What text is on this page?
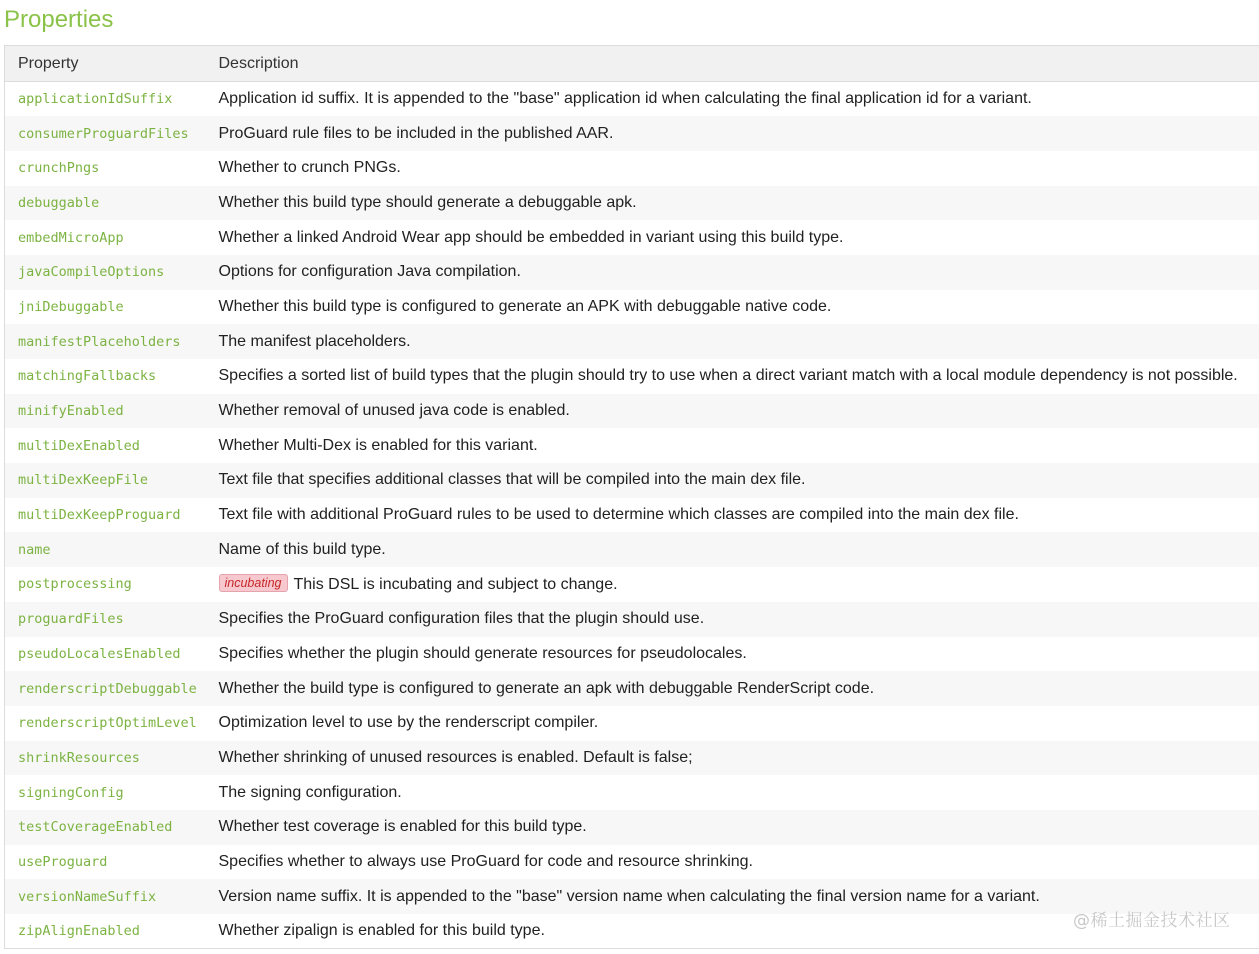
Properties
Property	Description
applicationIdSuffix	Application id suffix. It is appended to the "base" application id when calculating the final application id for a variant.
consumerProguardFiles	ProGuard rule files to be included in the published AAR.
crunchPngs	Whether to crunch PNGs.
debuggable	Whether this build type should generate a debuggable apk.
embedMicroApp	Whether a linked Android Wear app should be embedded in variant using this build type.
javaCompileOptions	Options for configuration Java compilation.
jniDebuggable	Whether this build type is configured to generate an APK with debuggable native code.
manifestPlaceholders	The manifest placeholders.
matchingFallbacks	Specifies a sorted list of build types that the plugin should try to use when a direct variant match with a local module dependency is not possible.
minifyEnabled	Whether removal of unused java code is enabled.
multiDexEnabled	Whether Multi-Dex is enabled for this variant.
multiDexKeepFile	Text file that specifies additional classes that will be compiled into the main dex file.
multiDexKeepProguard	Text file with additional ProGuard rules to be used to determine which classes are compiled into the main dex file.
name	Name of this build type.
postprocessing	incubating This DSL is incubating and subject to change.
proguardFiles	Specifies the ProGuard configuration files that the plugin should use.
pseudoLocalesEnabled	Specifies whether the plugin should generate resources for pseudolocales.
renderscriptDebuggable	Whether the build type is configured to generate an apk with debuggable RenderScript code.
renderscriptOptimLevel	Optimization level to use by the renderscript compiler.
shrinkResources	Whether shrinking of unused resources is enabled. Default is false;
signingConfig	The signing configuration.
testCoverageEnabled	Whether test coverage is enabled for this build type.
useProguard	Specifies whether to always use ProGuard for code and resource shrinking.
versionNameSuffix	Version name suffix. It is appended to the "base" version name when calculating the final version name for a variant.
zipAlignEnabled	Whether zipalign is enabled for this build type.	@稀土掘金技术社区
